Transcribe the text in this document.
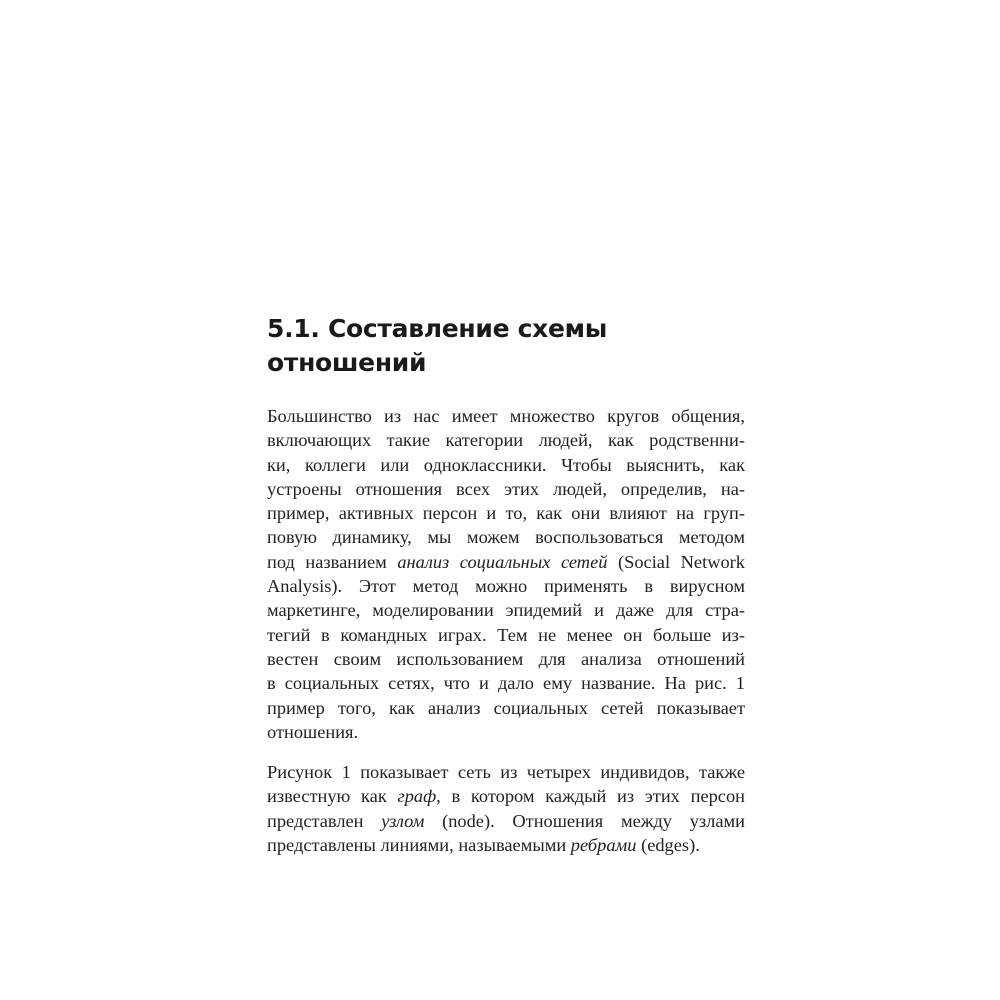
5.1. Составление схемы
отношений

Большинство из нас имеет множество кругов общения,
включающих такие категории людей, как родственни-
ки, коллеги или одноклассники. Чтобы выяснить, как
устроены отношения всех этих людей, определив, на-
пример, активных персон и то, как они влияют на груп-
повую динамику, мы можем воспользоваться методом
под названием анализ социальных сетей (Social Network
Analysis). Этот метод можно применять в вирусном
маркетинге, моделировании эпидемий и даже для стра-
тегий в командных играх. Тем не менее он больше из-
вестен своим использованием для анализа отношений
в социальных сетях, что и дало ему название. На рис. 1
пример того, как анализ социальных сетей показывает
отношения.

Рисунок 1 показывает сеть из четырех индивидов, также
известную как граф, в котором каждый из этих персон
представлен узлом (node). Отношения между узлами
представлены линиями, называемыми ребрами (edges).
